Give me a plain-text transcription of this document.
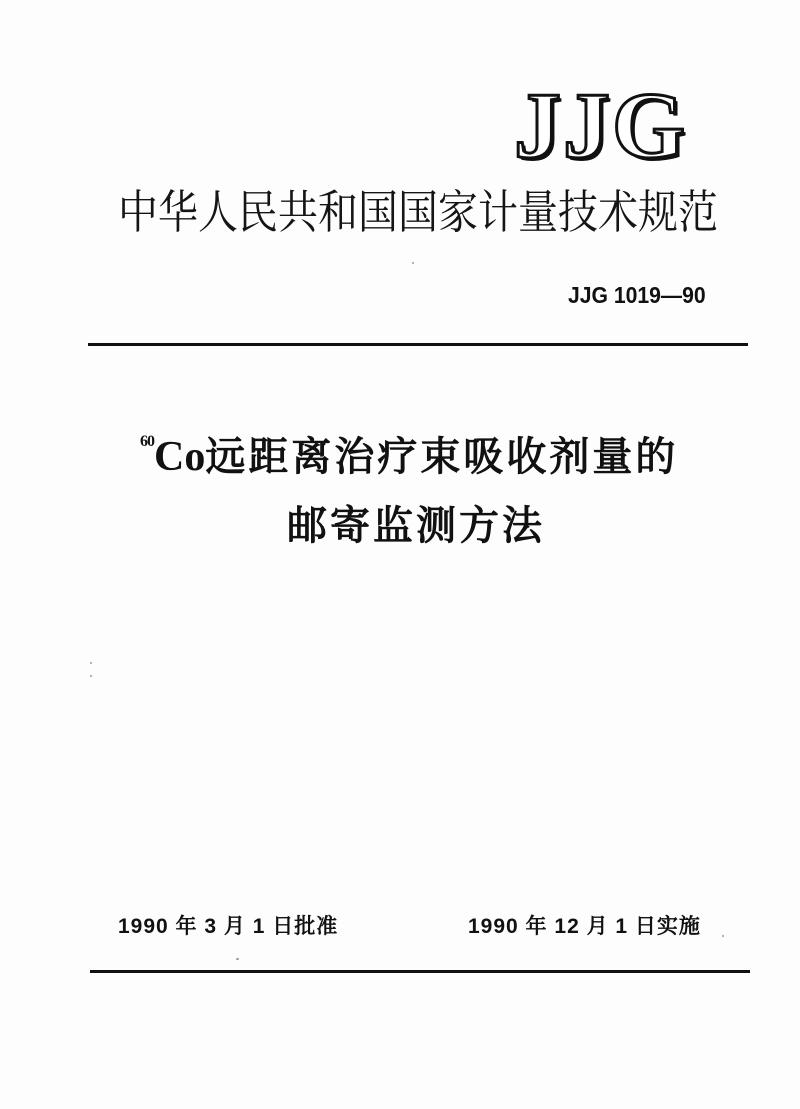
JJG
中华人民共和国国家计量技术规范
JJG 1019—90
60Co远距离治疗束吸收剂量的
邮寄监测方法
1990 年 3 月 1 日批准	1990 年 12 月 1 日实施
